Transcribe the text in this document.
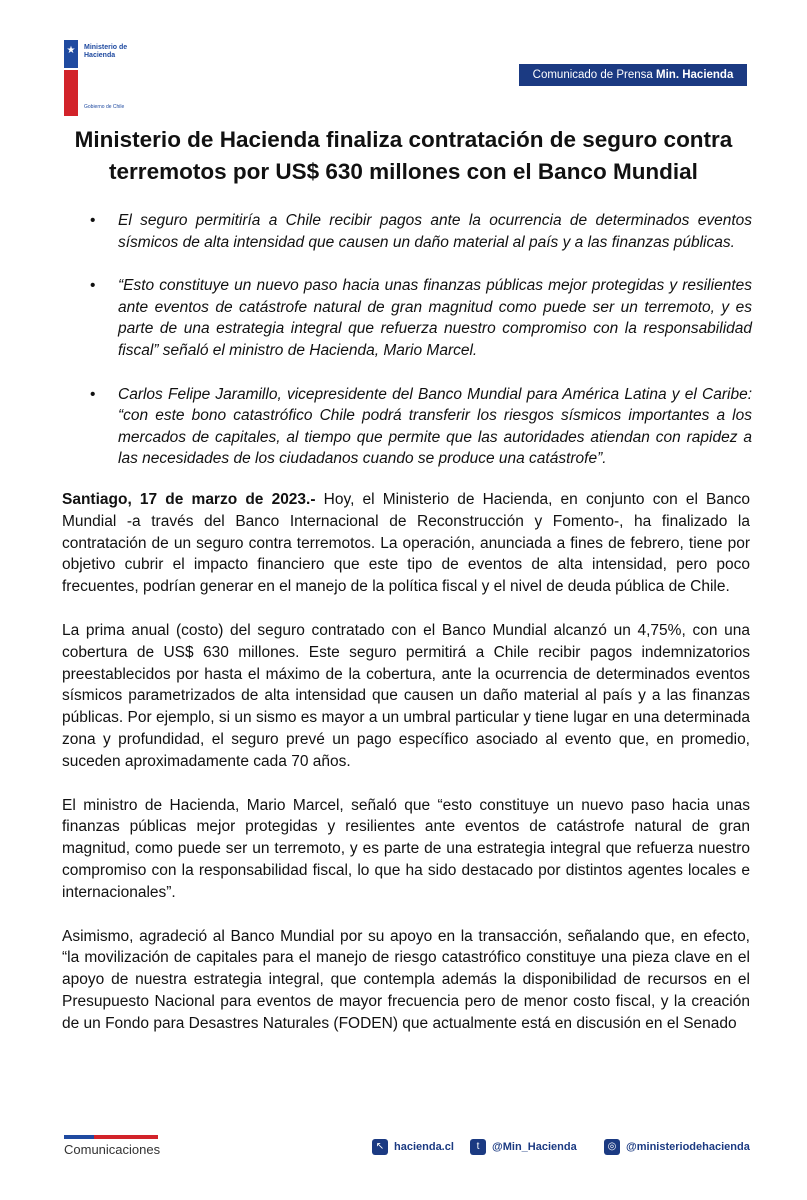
★ Ministerio de
Hacienda
Gobierno de Chile
Comunicado de Prensa Min. Hacienda
Ministerio de Hacienda finaliza contratación de seguro contra terremotos por US$ 630 millones con el Banco Mundial
• El seguro permitiría a Chile recibir pagos ante la ocurrencia de determinados eventos sísmicos de alta intensidad que causen un daño material al país y a las finanzas públicas.
• “Esto constituye un nuevo paso hacia unas finanzas públicas mejor protegidas y resilientes ante eventos de catástrofe natural de gran magnitud como puede ser un terremoto, y es parte de una estrategia integral que refuerza nuestro compromiso con la responsabilidad fiscal” señaló el ministro de Hacienda, Mario Marcel.
• Carlos Felipe Jaramillo, vicepresidente del Banco Mundial para América Latina y el Caribe: “con este bono catastrófico Chile podrá transferir los riesgos sísmicos importantes a los mercados de capitales, al tiempo que permite que las autoridades atiendan con rapidez a las necesidades de los ciudadanos cuando se produce una catástrofe”.

Santiago, 17 de marzo de 2023.- Hoy, el Ministerio de Hacienda, en conjunto con el Banco Mundial -a través del Banco Internacional de Reconstrucción y Fomento-, ha finalizado la contratación de un seguro contra terremotos. La operación, anunciada a fines de febrero, tiene por objetivo cubrir el impacto financiero que este tipo de eventos de alta intensidad, pero poco frecuentes, podrían generar en el manejo de la política fiscal y el nivel de deuda pública de Chile.

La prima anual (costo) del seguro contratado con el Banco Mundial alcanzó un 4,75%, con una cobertura de US$ 630 millones. Este seguro permitirá a Chile recibir pagos indemnizatorios preestablecidos por hasta el máximo de la cobertura, ante la ocurrencia de determinados eventos sísmicos parametrizados de alta intensidad que causen un daño material al país y a las finanzas públicas. Por ejemplo, si un sismo es mayor a un umbral particular y tiene lugar en una determinada zona y profundidad, el seguro prevé un pago específico asociado al evento que, en promedio, suceden aproximadamente cada 70 años.

El ministro de Hacienda, Mario Marcel, señaló que “esto constituye un nuevo paso hacia unas finanzas públicas mejor protegidas y resilientes ante eventos de catástrofe natural de gran magnitud, como puede ser un terremoto, y es parte de una estrategia integral que refuerza nuestro compromiso con la responsabilidad fiscal, lo que ha sido destacado por distintos agentes locales e internacionales”.

Asimismo, agradeció al Banco Mundial por su apoyo en la transacción, señalando que, en efecto, “la movilización de capitales para el manejo de riesgo catastrófico constituye una pieza clave en el apoyo de nuestra estrategia integral, que contempla además la disponibilidad de recursos en el Presupuesto Nacional para eventos de mayor frecuencia pero de menor costo fiscal, y la creación de un Fondo para Desastres Naturales (FODEN) que actualmente está en discusión en el Senado

Comunicaciones	↖ hacienda.cl	t	@Min_Hacienda	◎ @ministeriodehacienda
